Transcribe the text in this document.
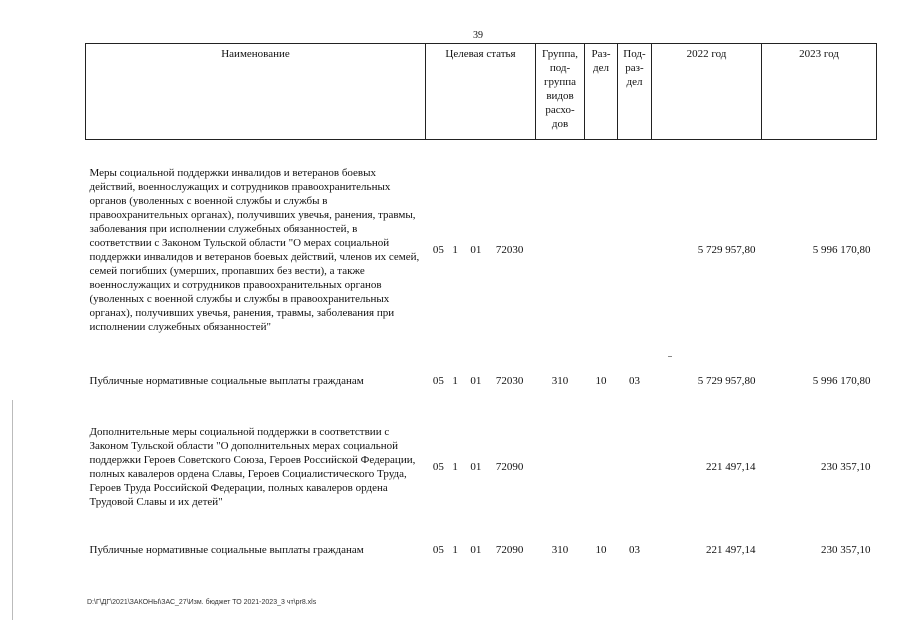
39
Наименование	Целевая статья	Группа, под-группа видов расхо-дов	Раз-дел	Под-раз-дел	2022 год	2023 год
Меры социальной поддержки инвалидов и ветеранов боевых действий, военнослужащих и сотрудников правоохранительных органов (уволенных с военной службы и службы в правоохранительных органах), получивших увечья, ранения, травмы, заболевания при исполнении служебных обязанностей, в соответствии с Законом Тульской области "О мерах социальной поддержки инвалидов и ветеранов боевых действий, членов их семей, семей погибших (умерших, пропавших без вести), а также военнослужащих и сотрудников правоохранительных органов (уволенных с военной службы и службы в правоохранительных органах), получивших увечья, ранения, травмы, заболевания при исполнении служебных обязанностей"	05 1 01 72030				5 729 957,80	5 996 170,80
Публичные нормативные социальные выплаты гражданам	05 1 01 72030	310	10	03	5 729 957,80	5 996 170,80
Дополнительные меры социальной поддержки в соответствии с Законом Тульской области "О дополнительных мерах социальной поддержки Героев Советского Союза, Героев Российской Федерации, полных кавалеров ордена Славы, Героев Социалистического Труда, Героев Труда Российской Федерации, полных кавалеров ордена Трудовой Славы и их детей"	05 1 01 72090				221 497,14	230 357,10
Публичные нормативные социальные выплаты гражданам	05 1 01 72090	310	10	03	221 497,14	230 357,10
D:\Г\ДГ\2021\ЗАКОНЫ\ЗАС_27\Изм. бюджет ТО 2021-2023_3 чт\pr8.xls
